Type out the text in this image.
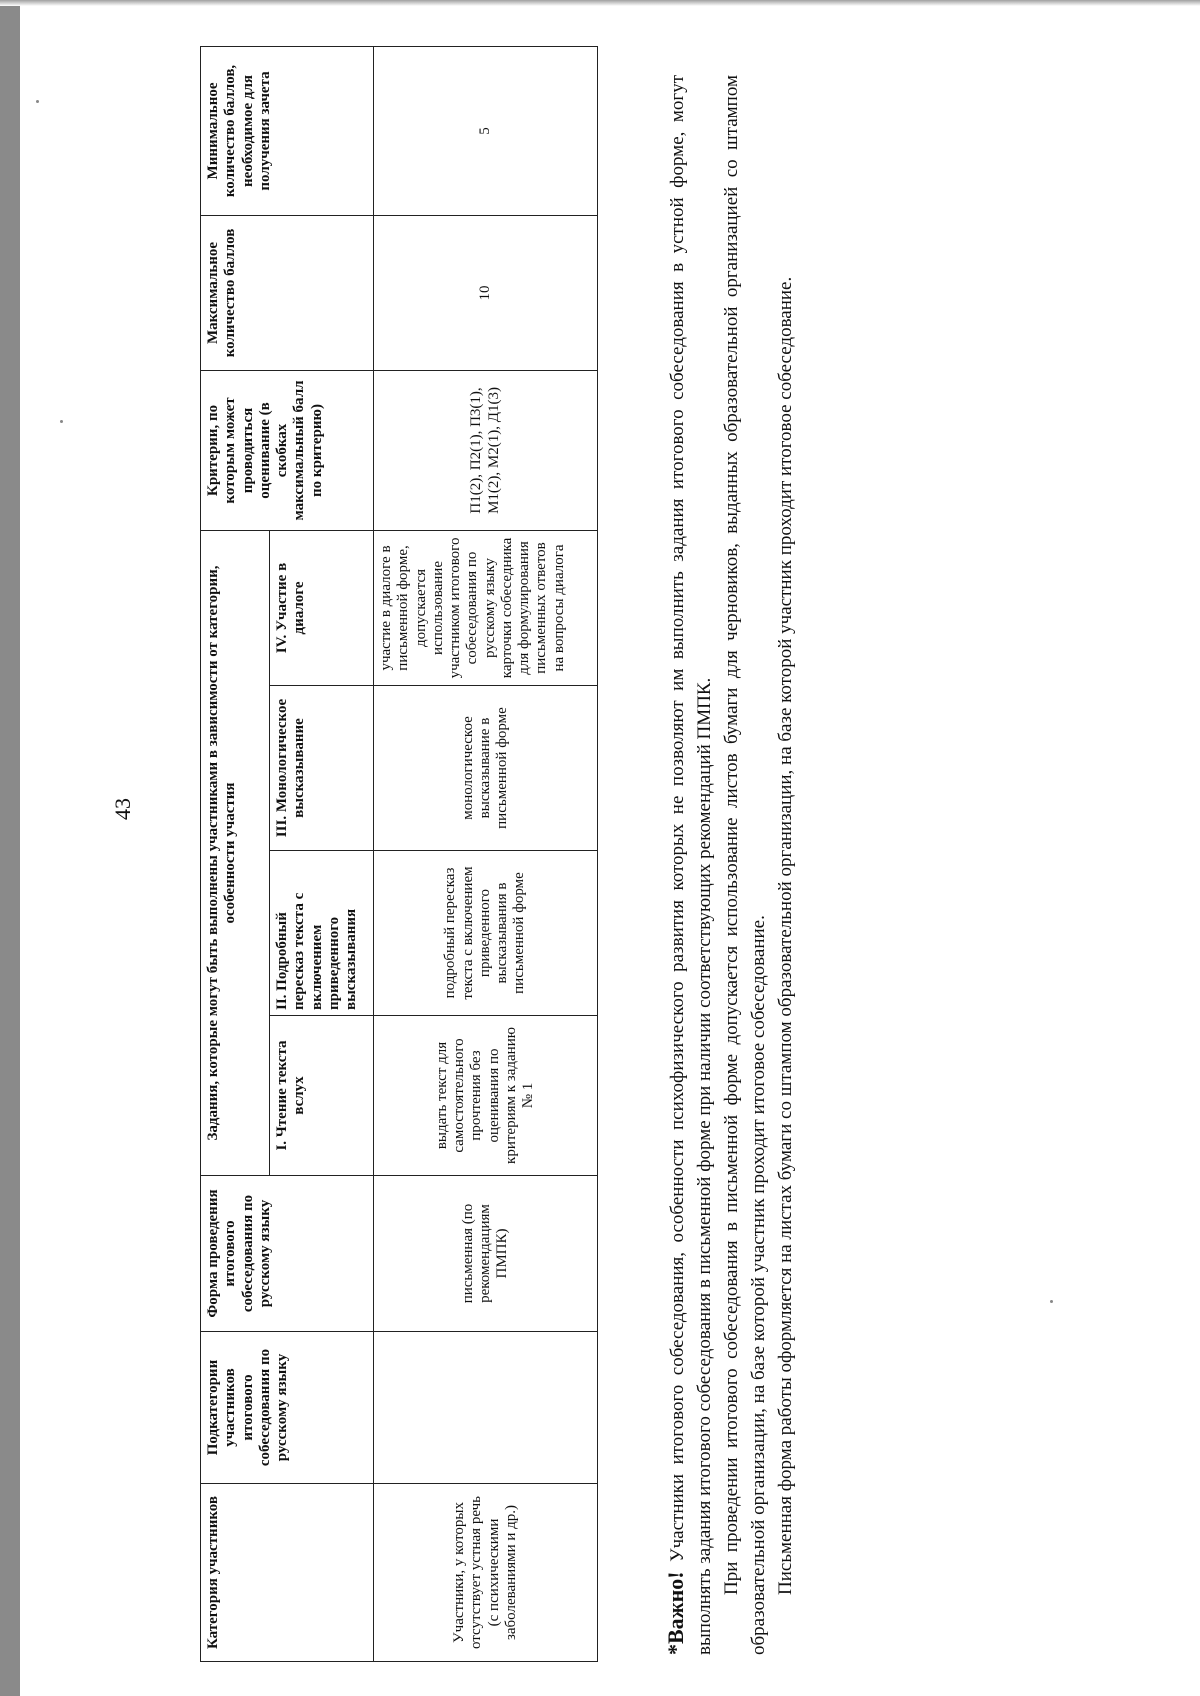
43
Категория участников	Подкатегории участников итогового собеседования по русскому языку	Форма проведения итогового собеседования по русскому языку	Задания, которые могут быть выполнены участниками в зависимости от категории, особенности участия				Критерии, по которым может проводиться оценивание (в скобках максимальный балл по критерию)	Максимальное количество баллов	Минимальное количество баллов, необходимое для получения зачета
			I. Чтение текста вслух	II. Подробный пересказ текста с включением приведенного высказывания	III. Монологическое высказывание	IV. Участие в диалоге			
Участники, у которых отсутствует устная речь (с психическими заболеваниями и др.)		письменная (по рекомендациям ПМПК)	выдать текст для самостоятельного прочтения без оценивания по критериям к заданию № 1	подробный пересказ текста с включением приведенного высказывания в письменной форме	монологическое высказывание в письменной форме	участие в диалоге в письменной форме, допускается использование участником итогового собеседования по русскому языку карточки собеседника для формулирования письменных ответов на вопросы диалога	П1(2), П2(1), П3(1), М1(2), М2(1), Д1(3)	10	5

*Важно! Участники итогового собеседования, особенности психофизического развития которых не позволяют им выполнить задания итогового собеседования в устной форме, могут выполнять задания итогового собеседования в письменной форме при наличии соответствующих рекомендаций ПМПК. При проведении итогового собеседования в письменной форме допускается использование листов бумаги для черновиков, выданных образовательной организацией со штампом образовательной организации, на базе которой участник проходит итоговое собеседование. Письменная форма работы оформляется на листах бумаги со штампом образовательной организации, на базе которой участник проходит итоговое собеседование.
